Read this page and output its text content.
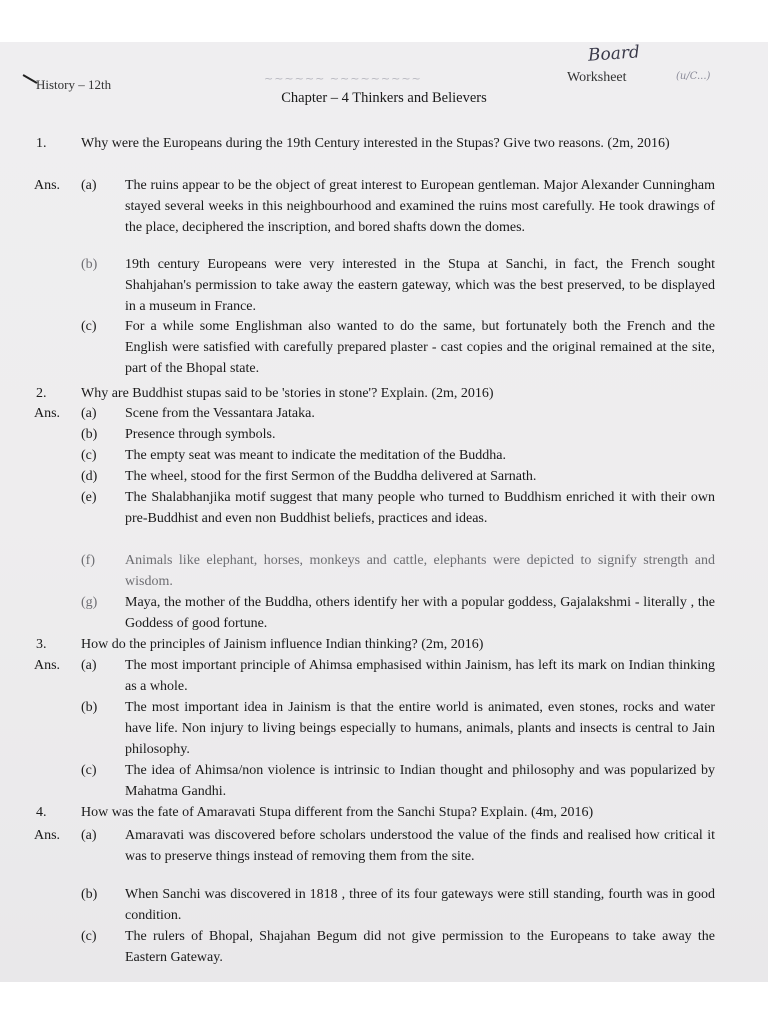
Board
(u/C...)
History – 12th	~~~~~~ ~~~~~~~~~	Worksheet
Chapter – 4 Thinkers and Believers
1. Why were the Europeans during the 19th Century interested in the Stupas? Give two reasons. (2m, 2016)
Ans. (a) The ruins appear to be the object of great interest to European gentleman. Major Alexander Cunningham stayed several weeks in this neighbourhood and examined the ruins most carefully. He took drawings of the place, deciphered the inscription, and bored shafts down the domes.
(b) 19th century Europeans were very interested in the Stupa at Sanchi, in fact, the French sought Shahjahan's permission to take away the eastern gateway, which was the best preserved, to be displayed in a museum in France.
(c) For a while some Englishman also wanted to do the same, but fortunately both the French and the English were satisfied with carefully prepared plaster - cast copies and the original remained at the site, part of the Bhopal state.
2. Why are Buddhist stupas said to be 'stories in stone'? Explain. (2m, 2016)
Ans. (a) Scene from the Vessantara Jataka.
(b) Presence through symbols.
(c) The empty seat was meant to indicate the meditation of the Buddha.
(d) The wheel, stood for the first Sermon of the Buddha delivered at Sarnath.
(e) The Shalabhanjika motif suggest that many people who turned to Buddhism enriched it with their own pre-Buddhist and even non Buddhist beliefs, practices and ideas.
(f) Animals like elephant, horses, monkeys and cattle, elephants were depicted to signify strength and wisdom.
(g) Maya, the mother of the Buddha, others identify her with a popular goddess, Gajalakshmi - literally , the Goddess of good fortune.
3. How do the principles of Jainism influence Indian thinking? (2m, 2016)
Ans. (a) The most important principle of Ahimsa emphasised within Jainism, has left its mark on Indian thinking as a whole.
(b) The most important idea in Jainism is that the entire world is animated, even stones, rocks and water have life. Non injury to living beings especially to humans, animals, plants and insects is central to Jain philosophy.
(c) The idea of Ahimsa/non violence is intrinsic to Indian thought and philosophy and was popularized by Mahatma Gandhi.
4. How was the fate of Amaravati Stupa different from the Sanchi Stupa? Explain. (4m, 2016)
Ans. (a) Amaravati was discovered before scholars understood the value of the finds and realised how critical it was to preserve things instead of removing them from the site.
(b) When Sanchi was discovered in 1818 , three of its four gateways were still standing, fourth was in good condition.
(c) The rulers of Bhopal, Shajahan Begum did not give permission to the Europeans to take away the Eastern Gateway.
